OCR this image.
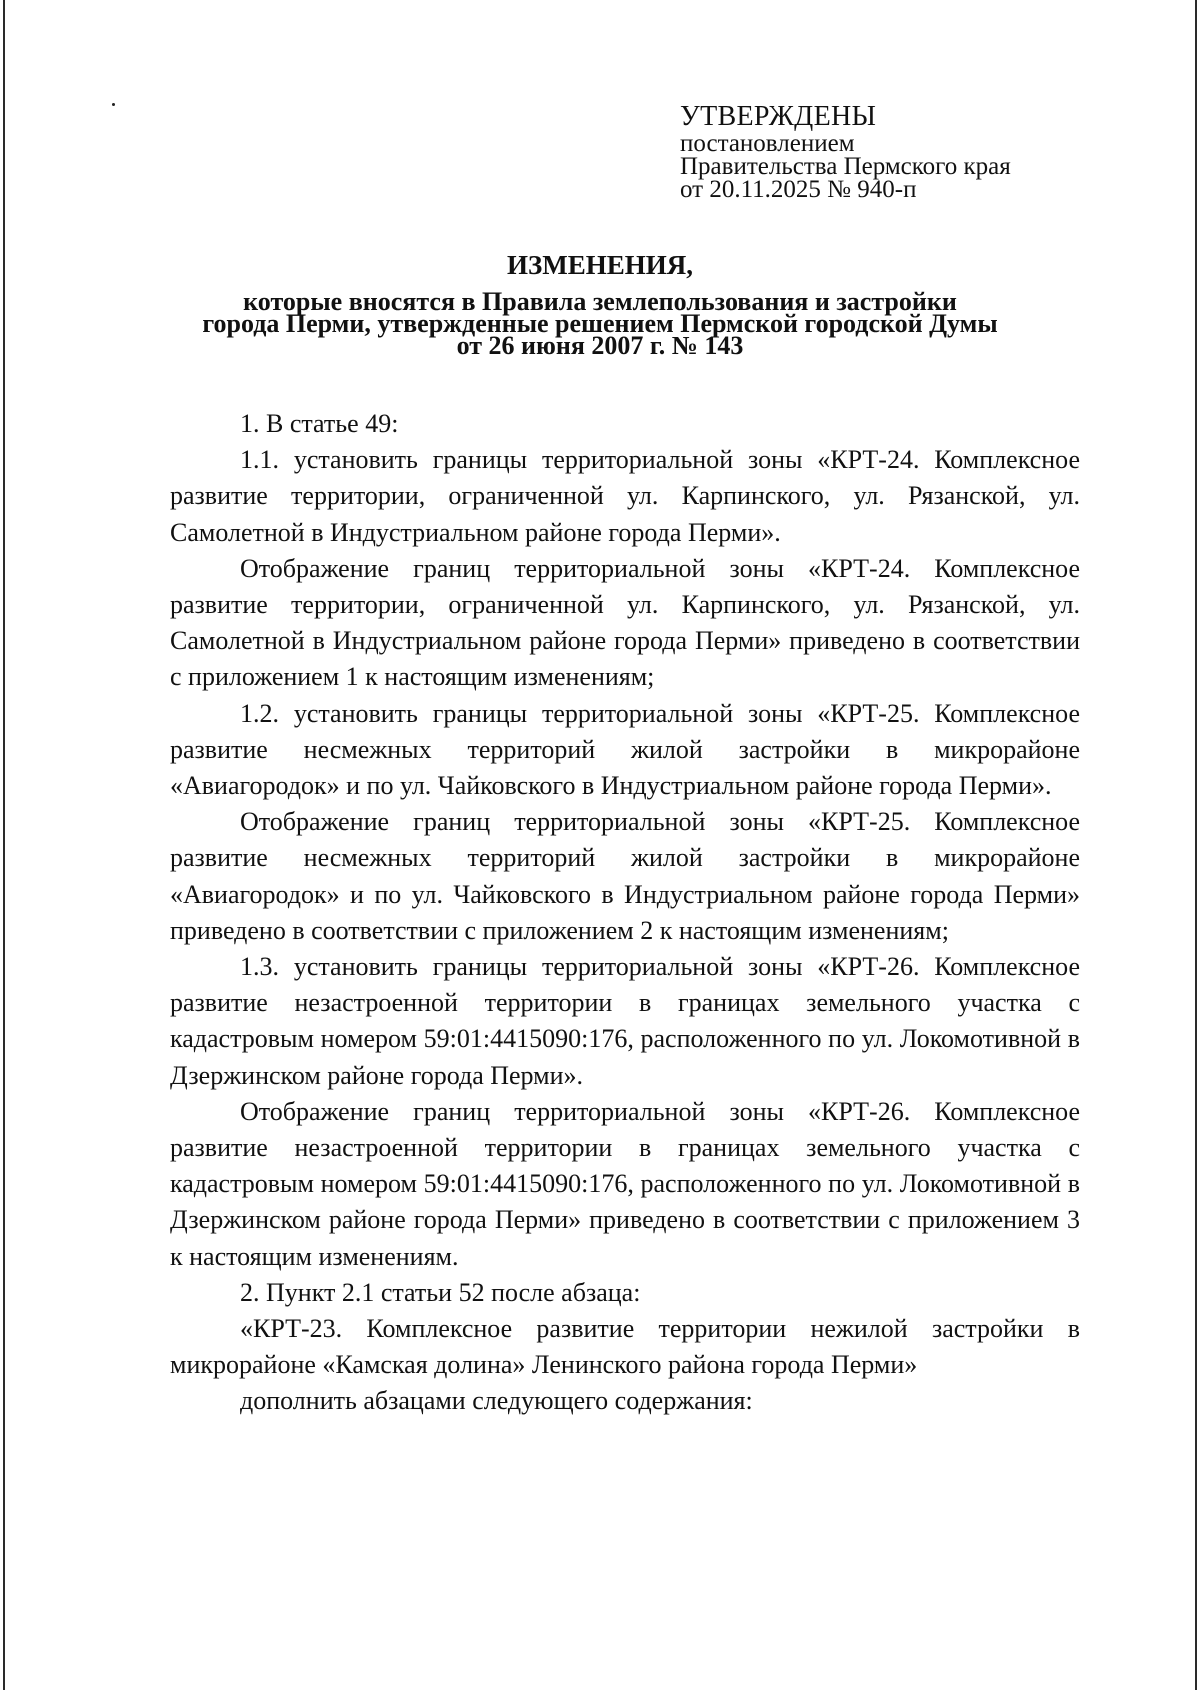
УТВЕРЖДЕНЫ
постановлением
Правительства Пермского края
от 20.11.2025 № 940-п
ИЗМЕНЕНИЯ,
которые вносятся в Правила землепользования и застройки
города Перми, утвержденные решением Пермской городской Думы
от 26 июня 2007 г. № 143

1. В статье 49:

1.1. установить границы территориальной зоны «КРТ-24. Комплексное развитие территории, ограниченной ул. Карпинского, ул. Рязанской, ул. Самолетной в Индустриальном районе города Перми».

Отображение границ территориальной зоны «КРТ-24. Комплексное развитие территории, ограниченной ул. Карпинского, ул. Рязанской, ул. Самолетной в Индустриальном районе города Перми» приведено в соответствии с приложением 1 к настоящим изменениям;

1.2. установить границы территориальной зоны «КРТ-25. Комплексное развитие несмежных территорий жилой застройки в микрорайоне «Авиагородок» и по ул. Чайковского в Индустриальном районе города Перми».

Отображение границ территориальной зоны «КРТ-25. Комплексное развитие несмежных территорий жилой застройки в микрорайоне «Авиагородок» и по ул. Чайковского в Индустриальном районе города Перми» приведено в соответствии с приложением 2 к настоящим изменениям;

1.3. установить границы территориальной зоны «КРТ-26. Комплексное развитие незастроенной территории в границах земельного участка с кадастровым номером 59:01:4415090:176, расположенного по ул. Локомотивной в Дзержинском районе города Перми».

Отображение границ территориальной зоны «КРТ-26. Комплексное развитие незастроенной территории в границах земельного участка с кадастровым номером 59:01:4415090:176, расположенного по ул. Локомотивной в Дзержинском районе города Перми» приведено в соответствии с приложением 3 к настоящим изменениям.

2. Пункт 2.1 статьи 52 после абзаца:

«КРТ-23. Комплексное развитие территории нежилой застройки в микрорайоне «Камская долина» Ленинского района города Перми»

дополнить абзацами следующего содержания:
